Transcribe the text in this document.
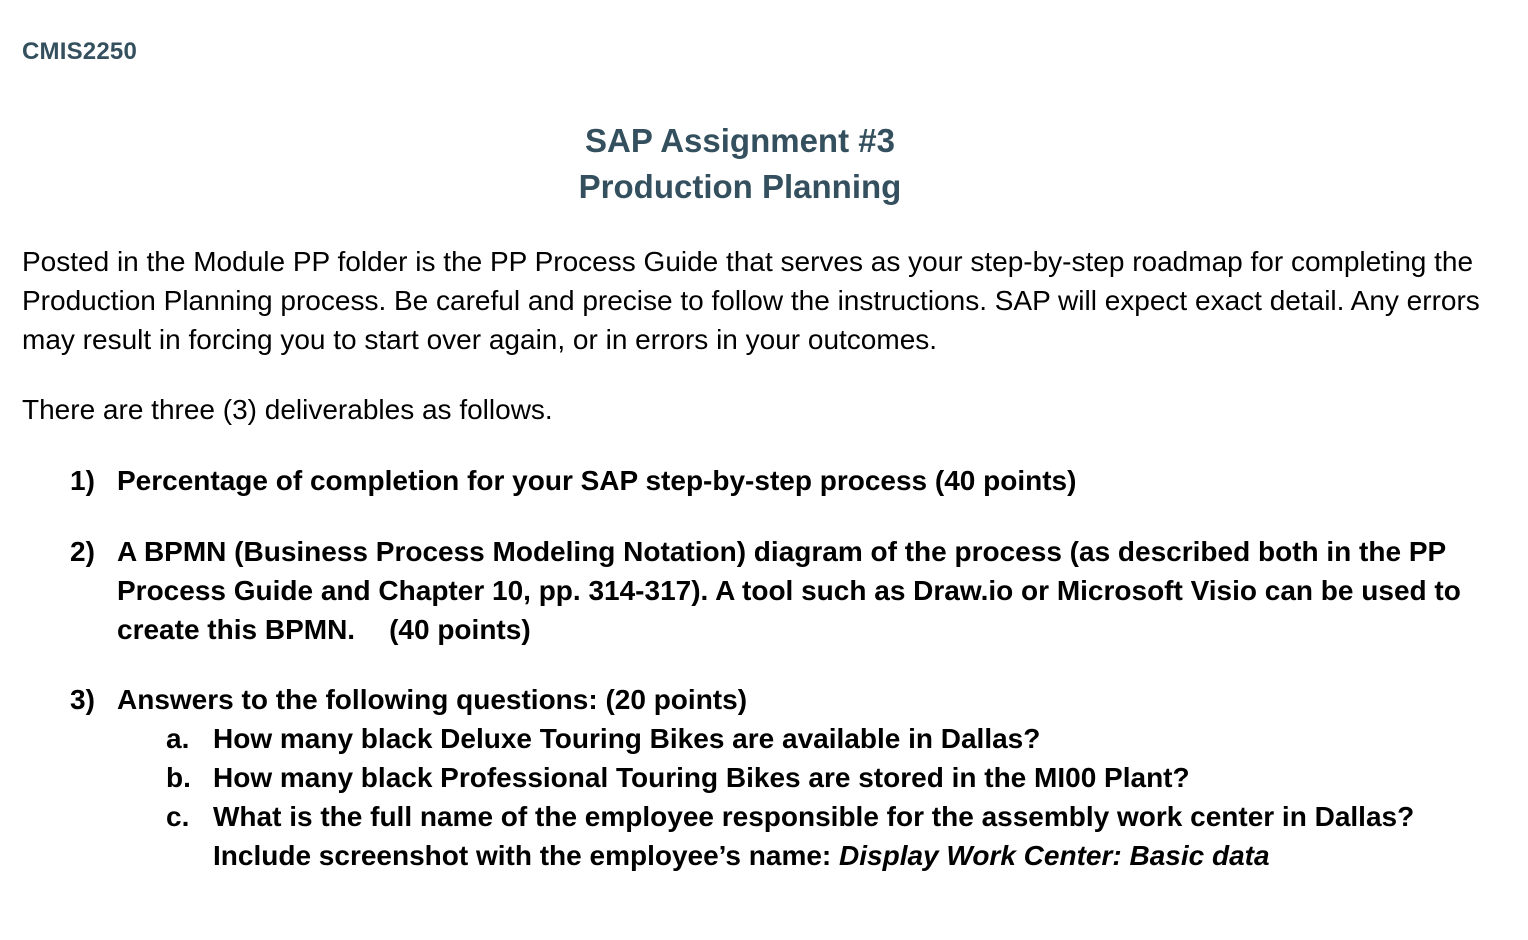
CMIS2250
SAP Assignment #3
Production Planning

Posted in the Module PP folder is the PP Process Guide that serves as your step-by-step roadmap for completing the Production Planning process. Be careful and precise to follow the instructions. SAP will expect exact detail. Any errors may result in forcing you to start over again, or in errors in your outcomes.

There are three (3) deliverables as follows.

1) Percentage of completion for your SAP step-by-step process (40 points)
2) A BPMN (Business Process Modeling Notation) diagram of the process (as described both in the PP Process Guide and Chapter 10, pp. 314-317). A tool such as Draw.io or Microsoft Visio can be used to create this BPMN. (40 points)
3) Answers to the following questions: (20 points)
a. How many black Deluxe Touring Bikes are available in Dallas?
b. How many black Professional Touring Bikes are stored in the MI00 Plant?
c. What is the full name of the employee responsible for the assembly work center in Dallas? Include screenshot with the employee’s name: Display Work Center: Basic data
